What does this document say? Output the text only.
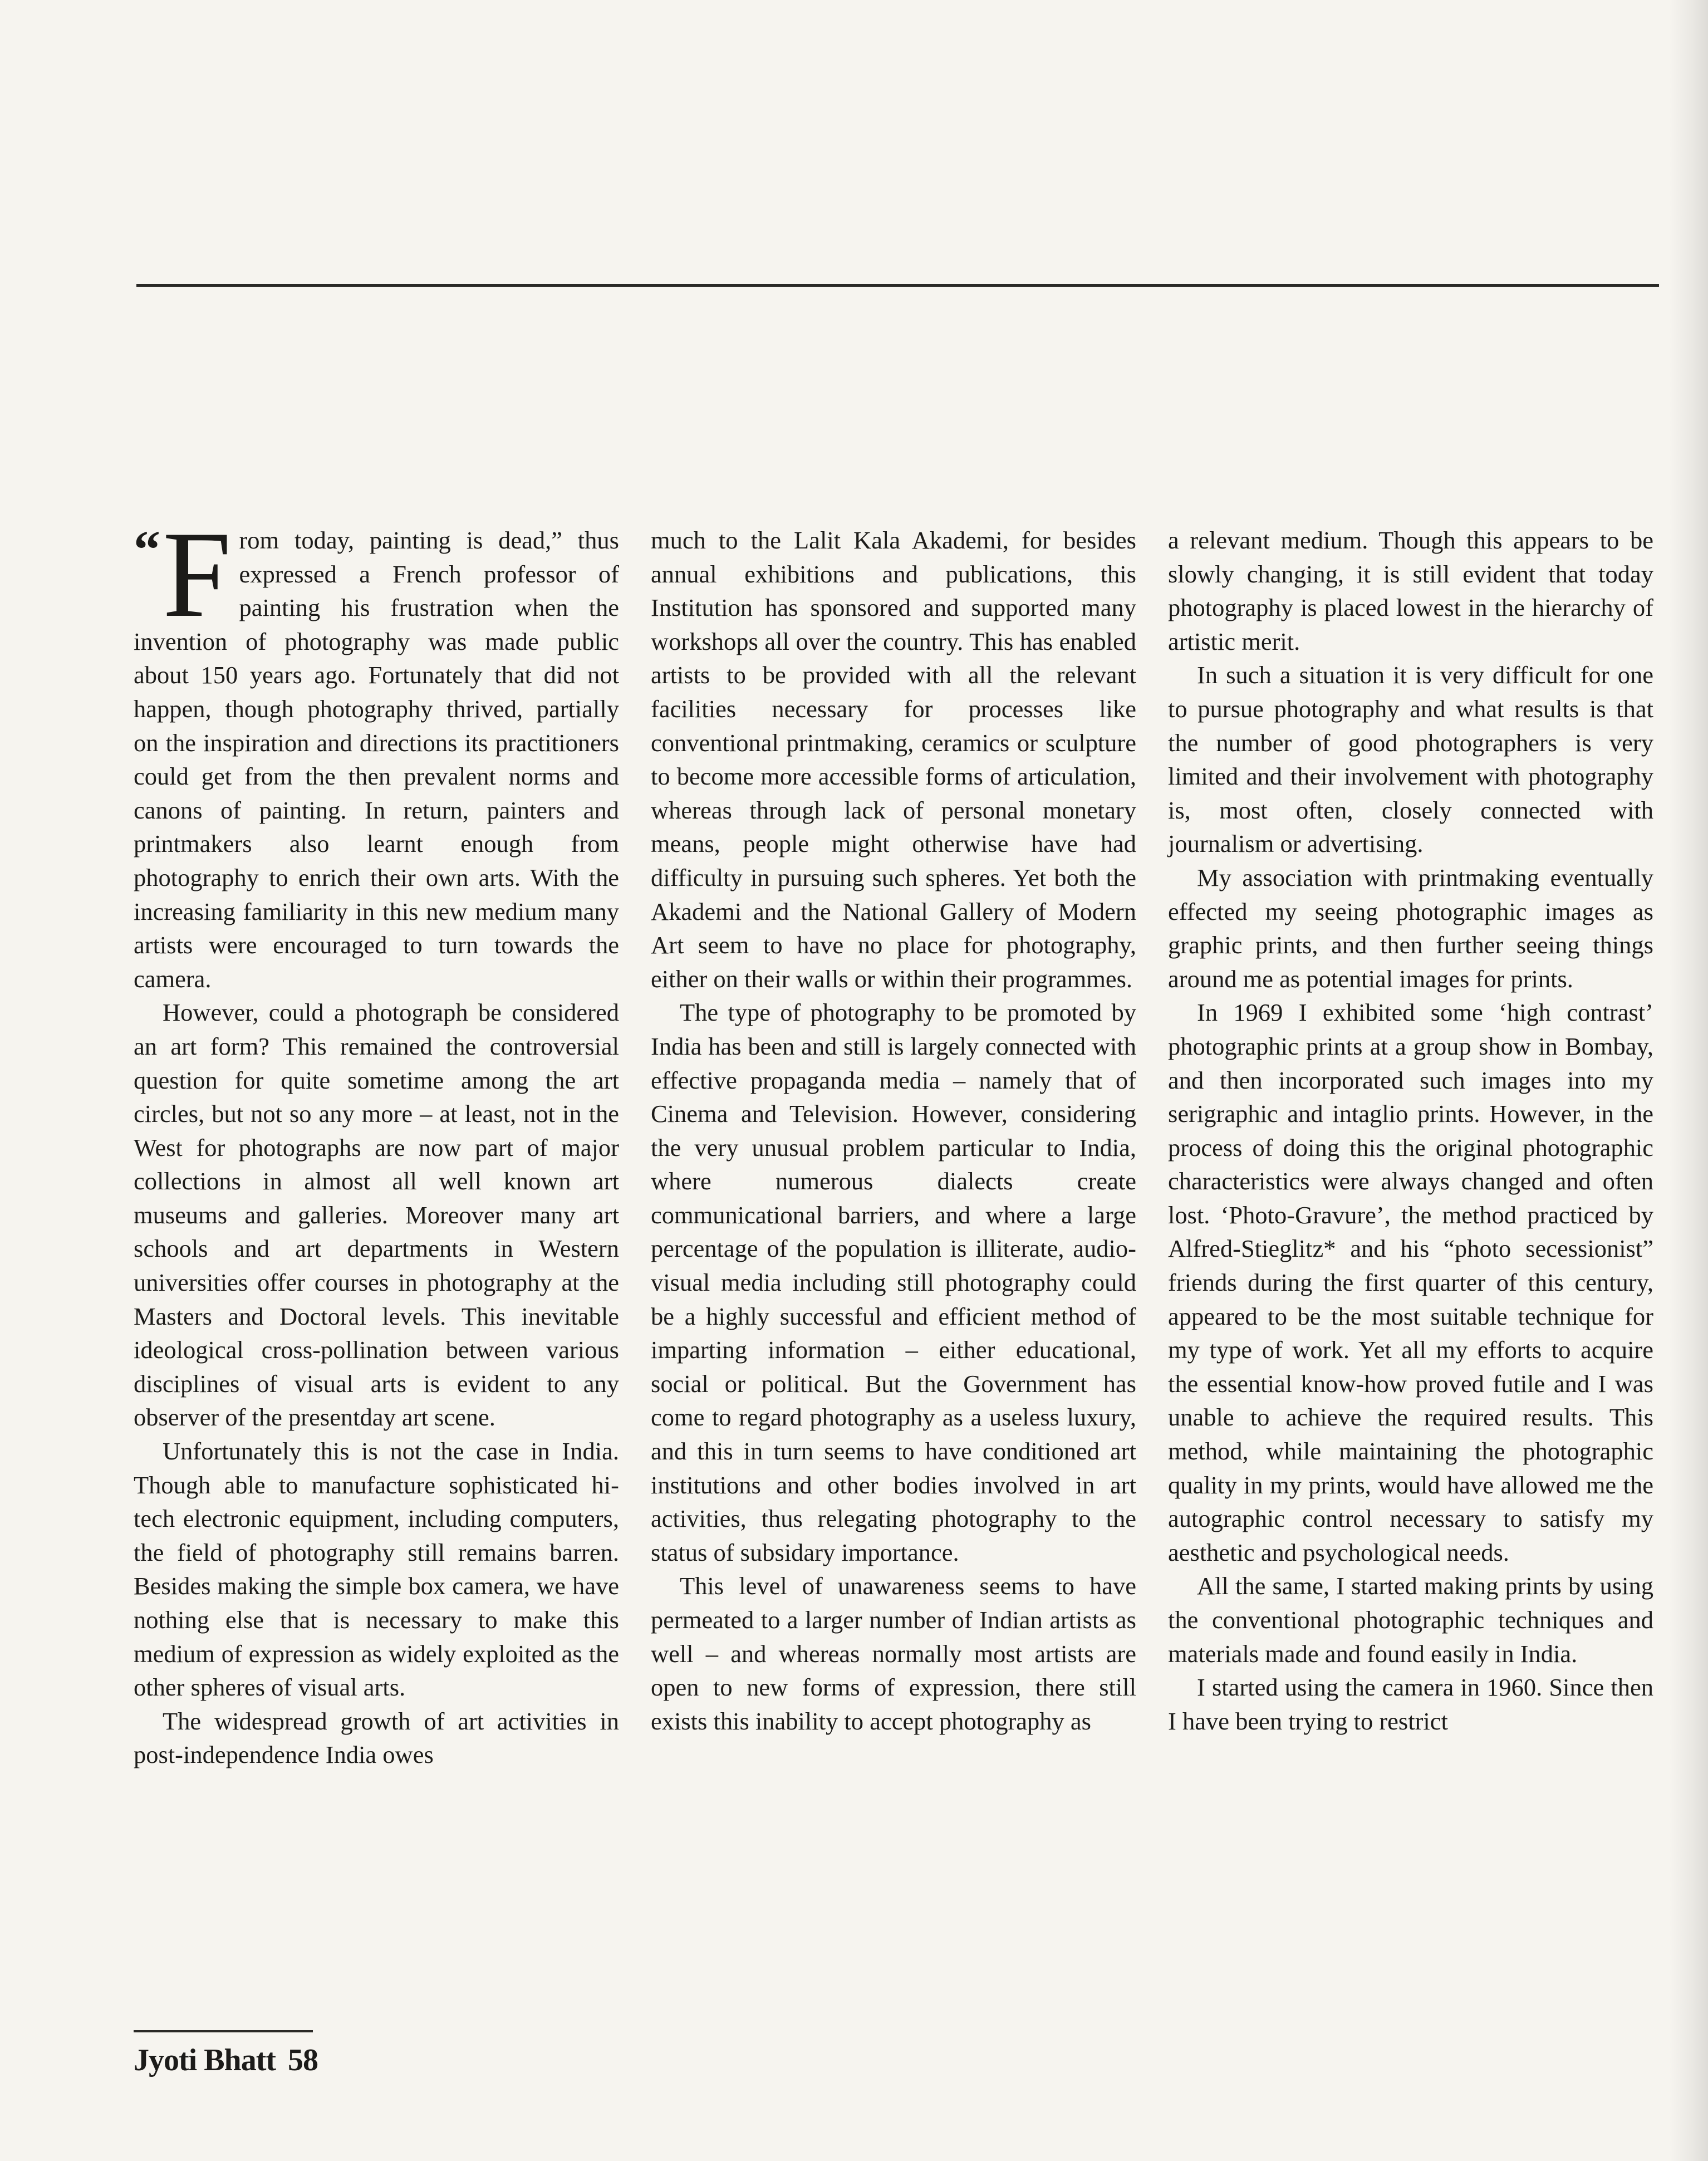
“ F rom today, painting is dead,” thus expressed a French professor of painting his frustration when the invention of photography was made public about 150 years ago. Fortunately that did not happen, though photography thrived, partially on the inspiration and directions its practitioners could get from the then prevalent norms and canons of painting. In return, painters and printmakers also learnt enough from photography to enrich their own arts. With the increasing familiarity in this new medium many artists were encouraged to turn towards the camera.

However, could a photograph be considered an art form? This remained the controversial question for quite sometime among the art circles, but not so any more – at least, not in the West for photographs are now part of major collections in almost all well known art museums and galleries. Moreover many art schools and art departments in Western universities offer courses in photography at the Masters and Doctoral levels. This inevitable ideological cross-pollination between various disciplines of visual arts is evident to any observer of the presentday art scene.

Unfortunately this is not the case in India. Though able to manufacture sophisticated hi-tech electronic equipment, including computers, the field of photography still remains barren. Besides making the simple box camera, we have nothing else that is necessary to make this medium of expression as widely exploited as the other spheres of visual arts.

The widespread growth of art activities in post-independence India owes

much to the Lalit Kala Akademi, for besides annual exhibitions and publications, this Institution has sponsored and supported many workshops all over the country. This has enabled artists to be provided with all the relevant facilities necessary for processes like conventional printmaking, ceramics or sculpture to become more accessible forms of articulation, whereas through lack of personal monetary means, people might otherwise have had difficulty in pursuing such spheres. Yet both the Akademi and the National Gallery of Modern Art seem to have no place for photography, either on their walls or within their programmes.

The type of photography to be promoted by India has been and still is largely connected with effective propaganda media – namely that of Cinema and Television. However, considering the very unusual problem particular to India, where numerous dialects create communicational barriers, and where a large percentage of the population is illiterate, audio-visual media including still photography could be a highly successful and efficient method of imparting information – either educational, social or political. But the Government has come to regard photography as a useless luxury, and this in turn seems to have conditioned art institutions and other bodies involved in art activities, thus relegating photography to the status of subsidary importance.

This level of unawareness seems to have permeated to a larger number of Indian artists as well – and whereas normally most artists are open to new forms of expression, there still exists this inability to accept photography as

a relevant medium. Though this appears to be slowly changing, it is still evident that today photography is placed lowest in the hierarchy of artistic merit.

In such a situation it is very difficult for one to pursue photography and what results is that the number of good photographers is very limited and their involvement with photography is, most often, closely connected with journalism or advertising.

My association with printmaking eventually effected my seeing photographic images as graphic prints, and then further seeing things around me as potential images for prints.

In 1969 I exhibited some ‘high contrast’ photographic prints at a group show in Bombay, and then incorporated such images into my serigraphic and intaglio prints. However, in the process of doing this the original photographic characteristics were always changed and often lost. ‘Photo-Gravure’, the method practiced by Alfred-Stieglitz* and his “photo secessionist” friends during the first quarter of this century, appeared to be the most suitable technique for my type of work. Yet all my efforts to acquire the essential know-how proved futile and I was unable to achieve the required results. This method, while maintaining the photographic quality in my prints, would have allowed me the autographic control necessary to satisfy my aesthetic and psychological needs.

All the same, I started making prints by using the conventional photographic techniques and materials made and found easily in India.

I started using the camera in 1960. Since then I have been trying to restrict

Jyoti Bhatt 58
